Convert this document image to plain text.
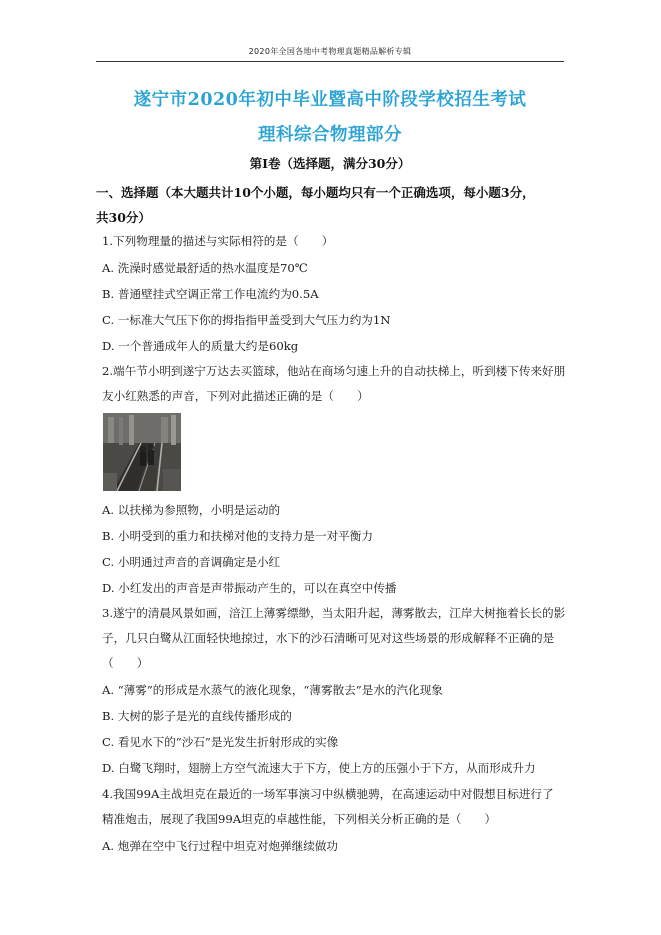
2020年全国各地中考物理真题精品解析专辑
遂宁市2020年初中毕业暨高中阶段学校招生考试
理科综合物理部分
第I卷（选择题，满分30分）
一、选择题（本大题共计10个小题，每小题均只有一个正确选项，每小题3分，
共30分）
1.下列物理量的描述与实际相符的是（　　）
A. 洗澡时感觉最舒适的热水温度是70℃
B. 普通壁挂式空调正常工作电流约为0.5A
C. 一标准大气压下你的拇指指甲盖受到大气压力约为1N
D. 一个普通成年人的质量大约是60kg
2.端午节小明到遂宁万达去买篮球，他站在商场匀速上升的自动扶梯上，听到楼下传来好朋
友小红熟悉的声音，下列对此描述正确的是（　　）
A. 以扶梯为参照物，小明是运动的
B. 小明受到的重力和扶梯对他的支持力是一对平衡力
C. 小明通过声音的音调确定是小红
D. 小红发出的声音是声带振动产生的，可以在真空中传播
3.遂宁的清晨风景如画，涪江上薄雾缥缈，当太阳升起，薄雾散去，江岸大树拖着长长的影
子，几只白鹭从江面轻快地掠过，水下的沙石清晰可见对这些场景的形成解释不正确的是
（　　）
A. “薄雾”的形成是水蒸气的液化现象，“薄雾散去”是水的汽化现象
B. 大树的影子是光的直线传播形成的
C. 看见水下的“沙石”是光发生折射形成的实像
D. 白鹭飞翔时，翅膀上方空气流速大于下方，使上方的压强小于下方，从而形成升力
4.我国99A主战坦克在最近的一场军事演习中纵横驰骋，在高速运动中对假想目标进行了
精准炮击，展现了我国99A坦克的卓越性能，下列相关分析正确的是（　　）
A. 炮弹在空中飞行过程中坦克对炮弹继续做功
